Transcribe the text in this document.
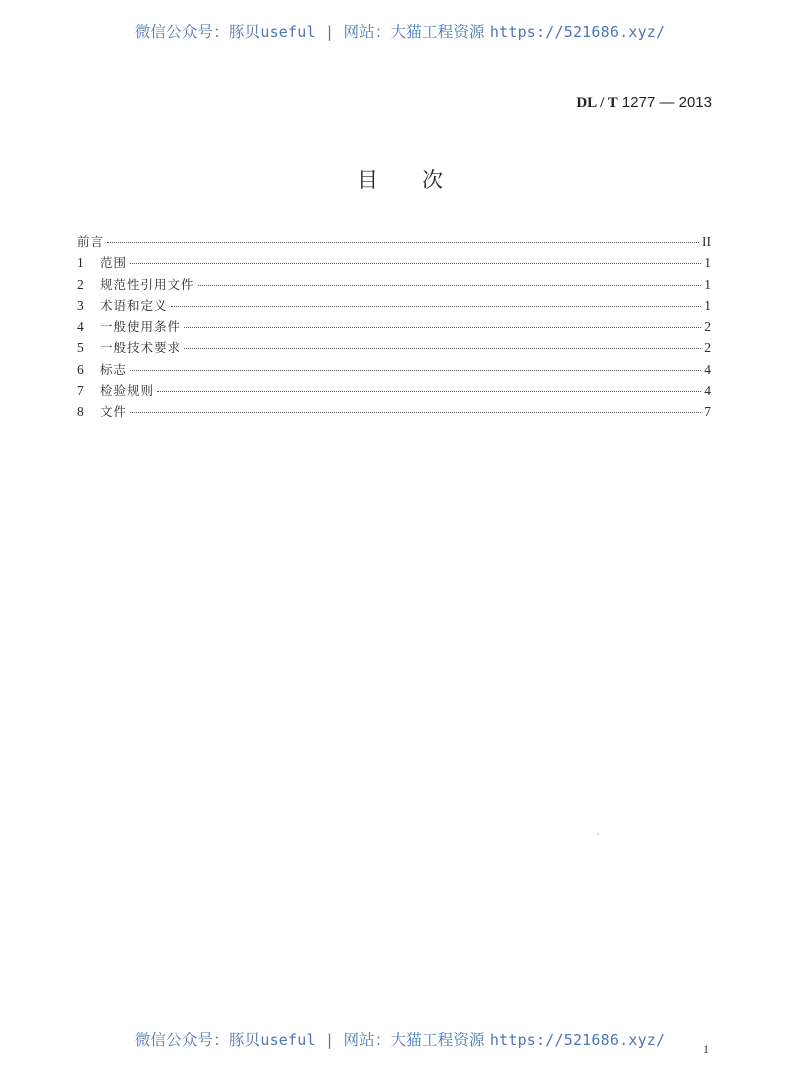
微信公众号：豚贝useful | 网站：大猫工程资源 https://521686.xyz/
DL / T 1277 — 2013
目 次
前言	II
1	范围	1
2	规范性引用文件	1
3	术语和定义	1
4	一般使用条件	2
5	一般技术要求	2
6	标志	4
7	检验规则	4
8	文件	7
微信公众号：豚贝useful | 网站：大猫工程资源 https://521686.xyz/	1
